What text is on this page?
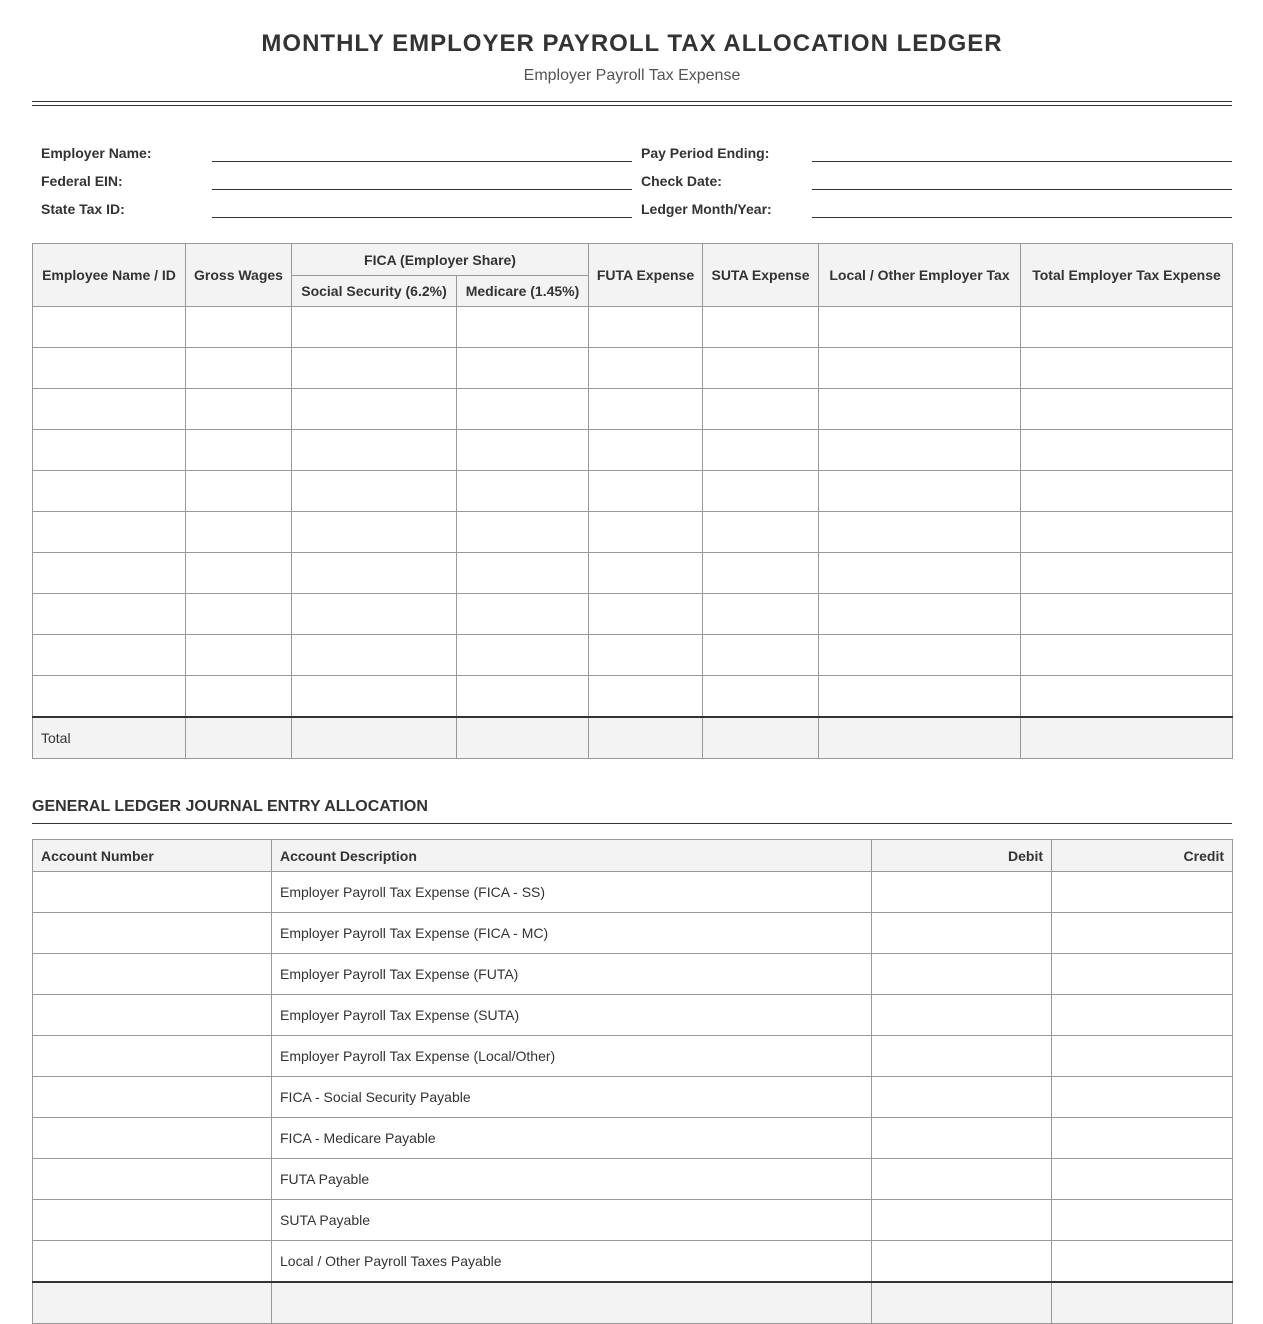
MONTHLY EMPLOYER PAYROLL TAX ALLOCATION LEDGER
Employer Payroll Tax Expense
Employer Name:	Pay Period Ending:
Federal EIN:	Check Date:
State Tax ID:	Ledger Month/Year:
Employee Name / ID	Gross Wages	FICA (Employer Share)		FUTA Expense	SUTA Expense	Local / Other Employer Tax	Total Employer Tax Expense
		Social Security (6.2%)	Medicare (1.45%)				

Total							
GENERAL LEDGER JOURNAL ENTRY ALLOCATION
Account Number	Account Description	Debit	Credit
	Employer Payroll Tax Expense (FICA - SS)		
	Employer Payroll Tax Expense (FICA - MC)		
	Employer Payroll Tax Expense (FUTA)		
	Employer Payroll Tax Expense (SUTA)		
	Employer Payroll Tax Expense (Local/Other)		
	FICA - Social Security Payable		
	FICA - Medicare Payable		
	FUTA Payable		
	SUTA Payable		
	Local / Other Payroll Taxes Payable		
